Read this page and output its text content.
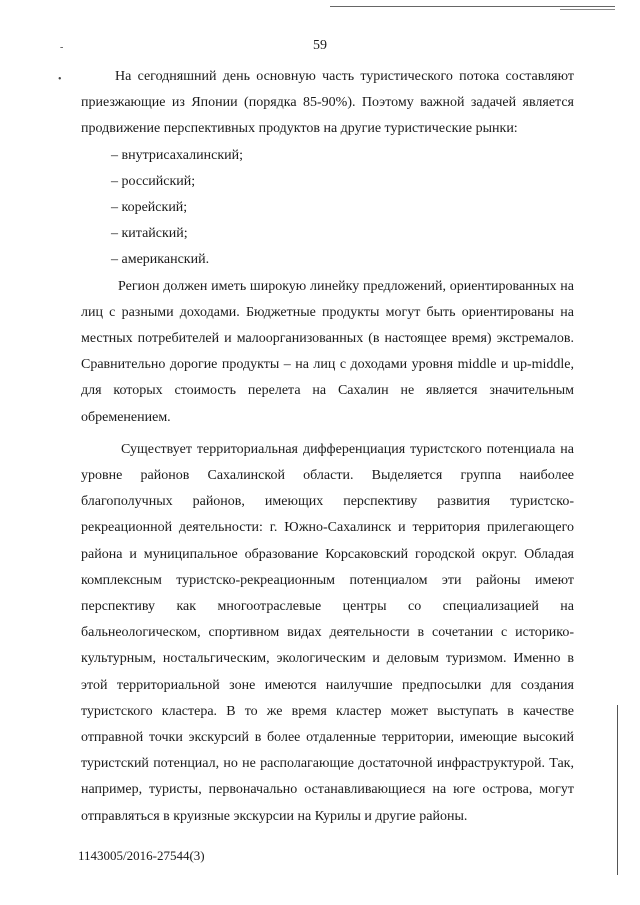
-
•
59

На сегодняшний день основную часть туристического потока составляют приезжающие из Японии (порядка 85-90%). Поэтому важной задачей является продвижение перспективных продуктов на другие туристические рынки:

– внутрисахалинский;
– российский;
– корейский;
– китайский;
– американский.

Регион должен иметь широкую линейку предложений, ориентированных на лиц с разными доходами. Бюджетные продукты могут быть ориентированы на местных потребителей и малоорганизованных (в настоящее время) экстремалов. Сравнительно дорогие продукты – на лиц с доходами уровня middle и up-middle, для которых стоимость перелета на Сахалин не является значительным обременением.

Существует территориальная дифференциация туристского потенциала на уровне районов Сахалинской области. Выделяется группа наиболее благополучных районов, имеющих перспективу развития туристско-рекреационной деятельности: г. Южно-Сахалинск и территория прилегающего района и муниципальное образование Корсаковский городской округ. Обладая комплексным туристско-рекреационным потенциалом эти районы имеют перспективу как многоотраслевые центры со специализацией на бальнеологическом, спортивном видах деятельности в сочетании с историко-культурным, ностальгическим, экологическим и деловым туризмом. Именно в этой территориальной зоне имеются наилучшие предпосылки для создания туристского кластера. В то же время кластер может выступать в качестве отправной точки экскурсий в более отдаленные территории, имеющие высокий туристский потенциал, но не располагающие достаточной инфраструктурой. Так, например, туристы, первоначально останавливающиеся на юге острова, могут отправляться в круизные экскурсии на Курилы и другие районы.

1143005/2016-27544(3)
